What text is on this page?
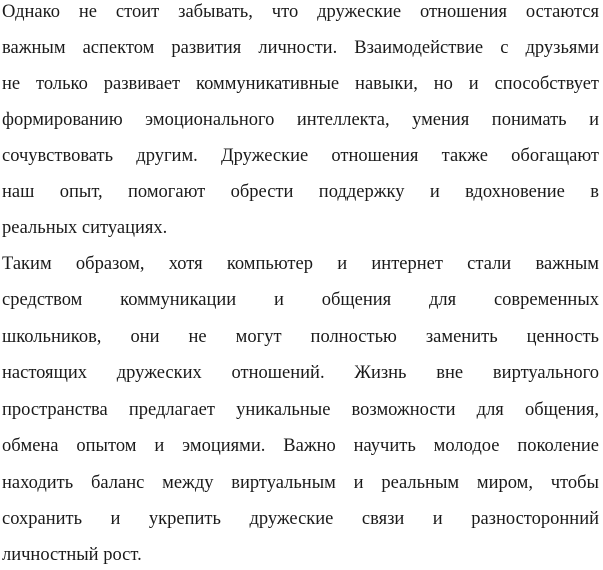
Однако не стоит забывать, что дружеские отношения остаются
важным аспектом развития личности. Взаимодействие с друзьями
не только развивает коммуникативные навыки, но и способствует
формированию эмоционального интеллекта, умения понимать и
сочувствовать другим. Дружеские отношения также обогащают
наш опыт, помогают обрести поддержку и вдохновение в
реальных ситуациях.
Таким образом, хотя компьютер и интернет стали важным
средством коммуникации и общения для современных
школьников, они не могут полностью заменить ценность
настоящих дружеских отношений. Жизнь вне виртуального
пространства предлагает уникальные возможности для общения,
обмена опытом и эмоциями. Важно научить молодое поколение
находить баланс между виртуальным и реальным миром, чтобы
сохранить и укрепить дружеские связи и разносторонний
личностный рост.
